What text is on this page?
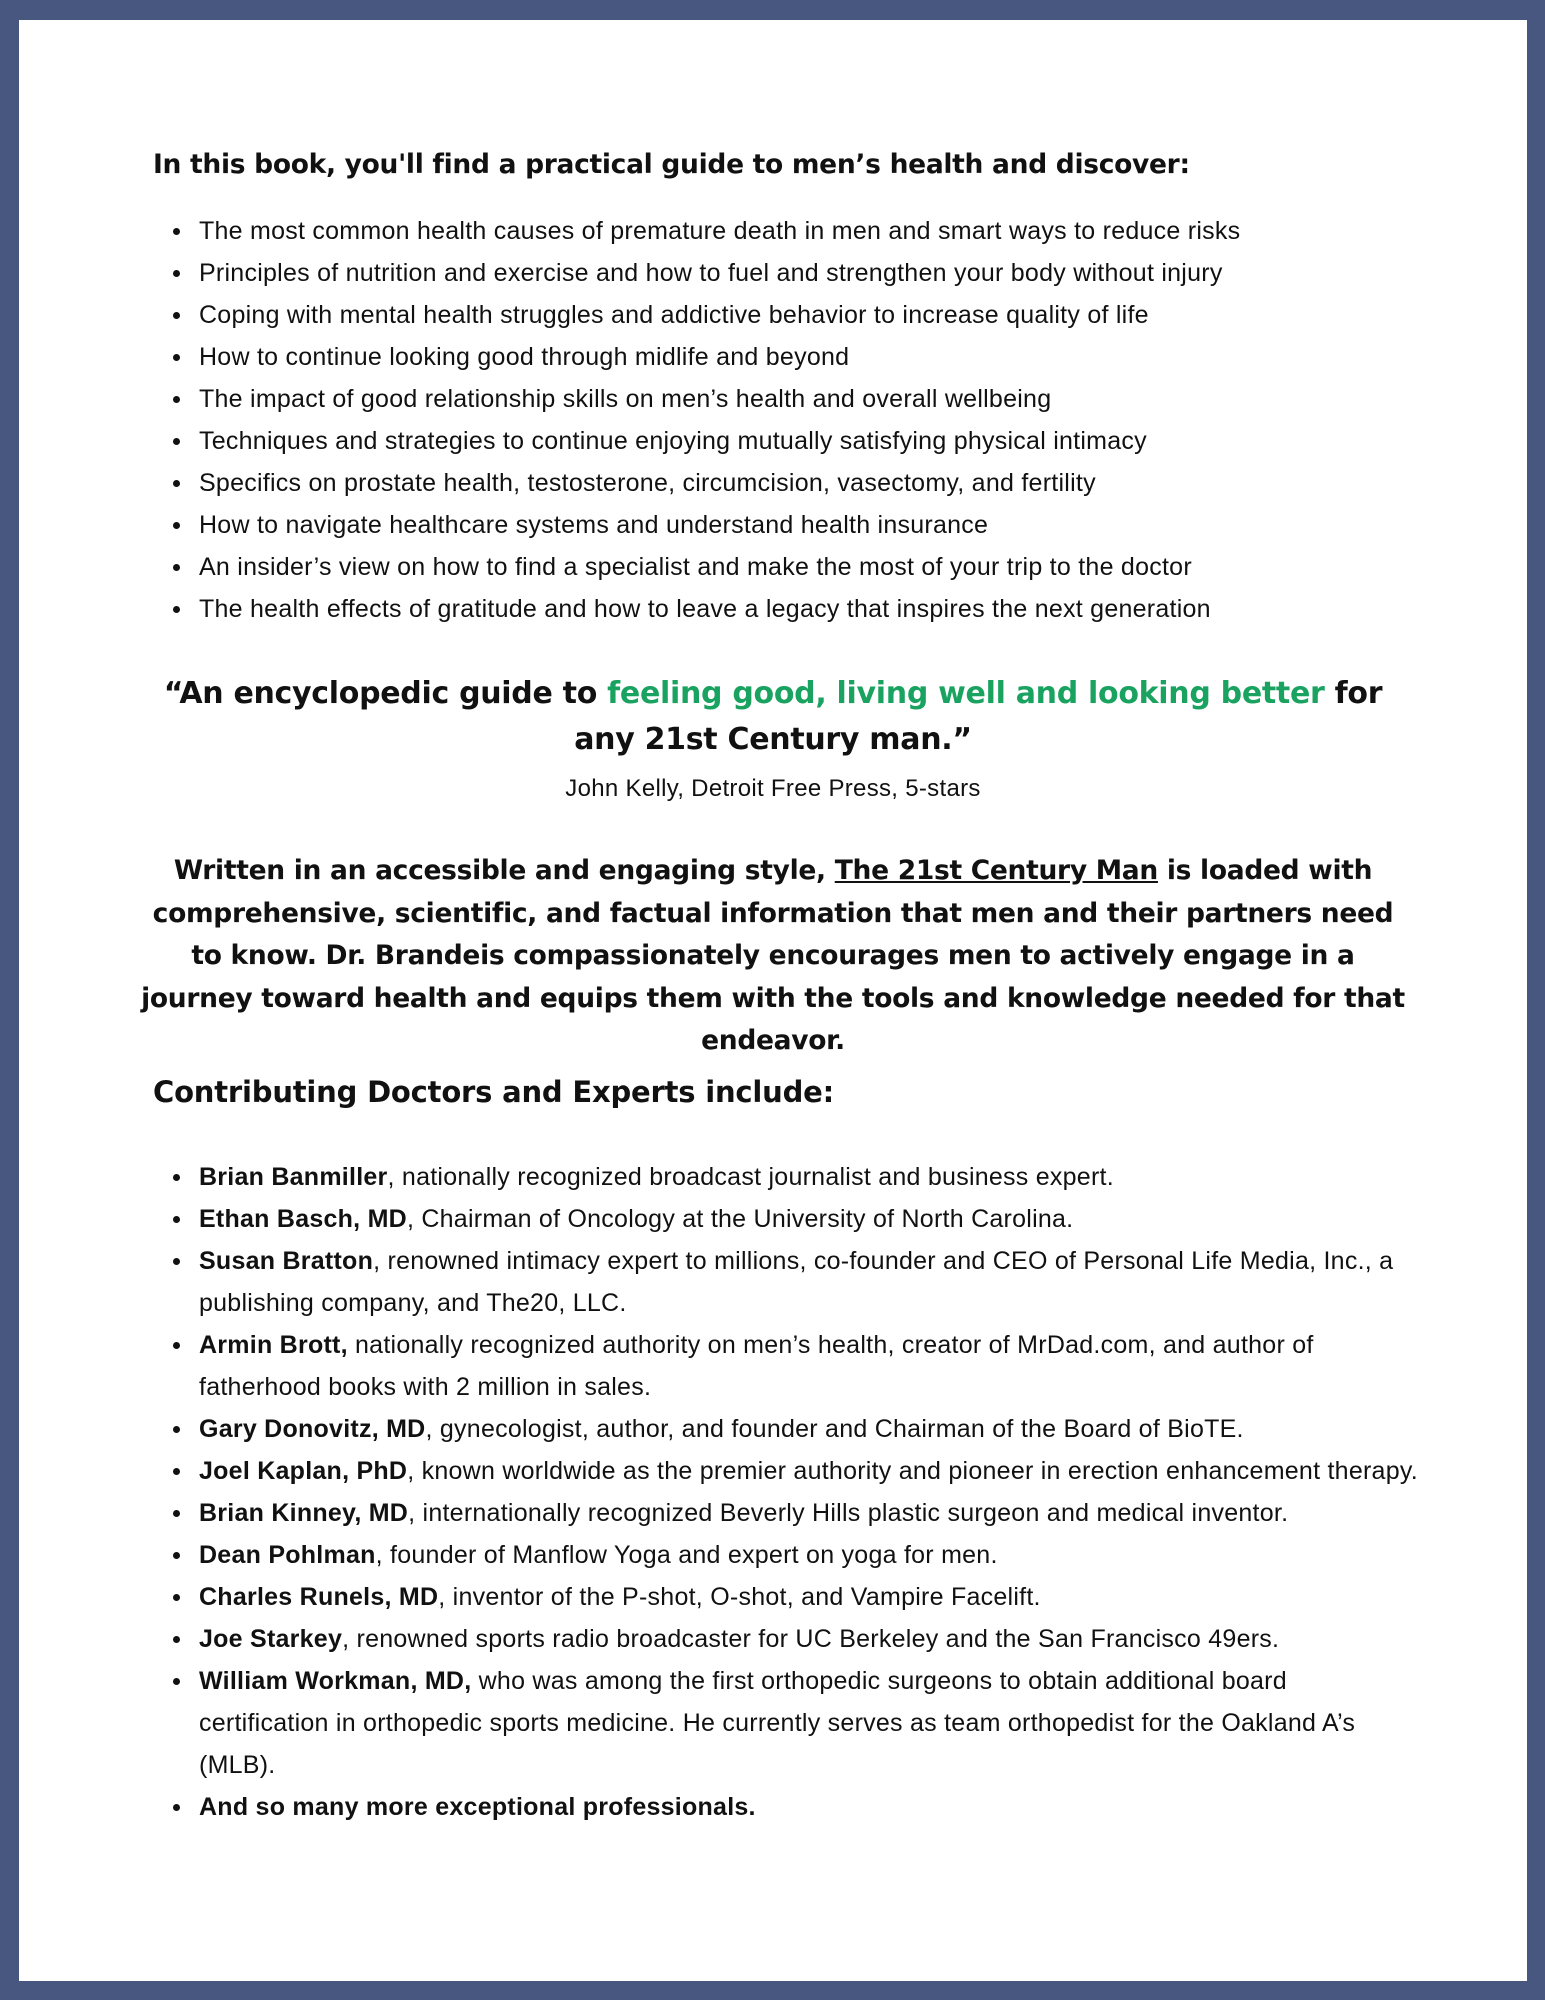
In this book, you'll find a practical guide to men’s health and discover:
The most common health causes of premature death in men and smart ways to reduce risks
Principles of nutrition and exercise and how to fuel and strengthen your body without injury
Coping with mental health struggles and addictive behavior to increase quality of life
How to continue looking good through midlife and beyond
The impact of good relationship skills on men’s health and overall wellbeing
Techniques and strategies to continue enjoying mutually satisfying physical intimacy
Specifics on prostate health, testosterone, circumcision, vasectomy, and fertility
How to navigate healthcare systems and understand health insurance
An insider’s view on how to find a specialist and make the most of your trip to the doctor
The health effects of gratitude and how to leave a legacy that inspires the next generation

“An encyclopedic guide to feeling good, living well and looking better for any 21st Century man.”

John Kelly, Detroit Free Press, 5-stars

Written in an accessible and engaging style, The 21st Century Man is loaded with comprehensive, scientific, and factual information that men and their partners need to know. Dr. Brandeis compassionately encourages men to actively engage in a journey toward health and equips them with the tools and knowledge needed for that endeavor.

Contributing Doctors and Experts include:
Brian Banmiller, nationally recognized broadcast journalist and business expert.
Ethan Basch, MD, Chairman of Oncology at the University of North Carolina.
Susan Bratton, renowned intimacy expert to millions, co-founder and CEO of Personal Life Media, Inc., a publishing company, and The20, LLC.
Armin Brott, nationally recognized authority on men’s health, creator of MrDad.com, and author of fatherhood books with 2 million in sales.
Gary Donovitz, MD, gynecologist, author, and founder and Chairman of the Board of BioTE.
Joel Kaplan, PhD, known worldwide as the premier authority and pioneer in erection enhancement therapy.
Brian Kinney, MD, internationally recognized Beverly Hills plastic surgeon and medical inventor.
Dean Pohlman, founder of Manflow Yoga and expert on yoga for men.
Charles Runels, MD, inventor of the P-shot, O-shot, and Vampire Facelift.
Joe Starkey, renowned sports radio broadcaster for UC Berkeley and the San Francisco 49ers.
William Workman, MD, who was among the first orthopedic surgeons to obtain additional board certification in orthopedic sports medicine. He currently serves as team orthopedist for the Oakland A’s (MLB).
And so many more exceptional professionals.
